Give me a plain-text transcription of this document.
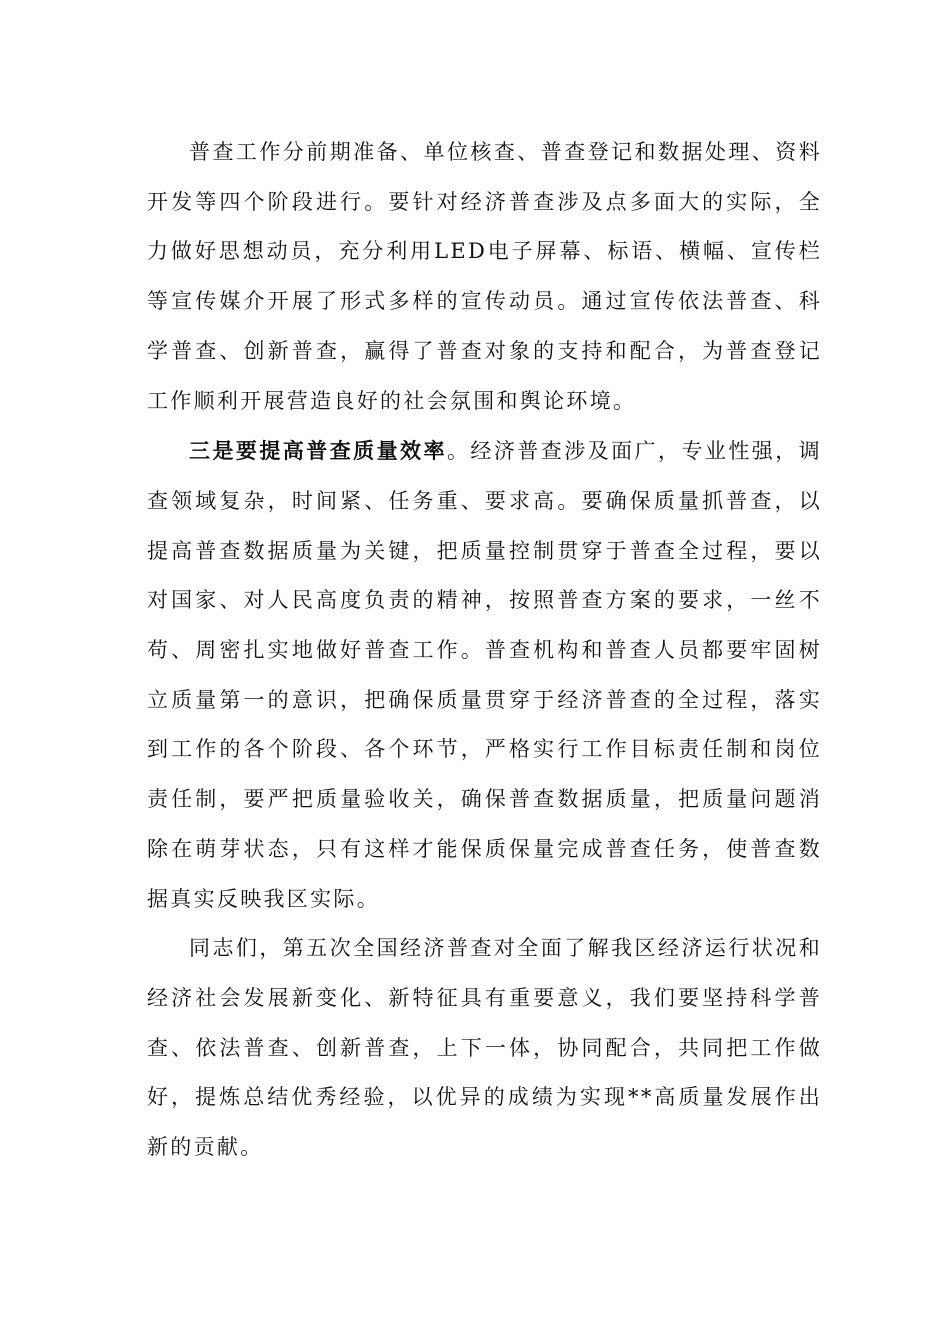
普查工作分前期准备、单位核查、普查登记和数据处理、资料开发等四个阶段进行。要针对经济普查涉及点多面大的实际，全力做好思想动员，充分利用LED电子屏幕、标语、横幅、宣传栏等宣传媒介开展了形式多样的宣传动员。通过宣传依法普查、科学普查、创新普查，赢得了普查对象的支持和配合，为普查登记工作顺利开展营造良好的社会氛围和舆论环境。

三是要提高普查质量效率。经济普查涉及面广，专业性强，调查领域复杂，时间紧、任务重、要求高。要确保质量抓普查，以提高普查数据质量为关键，把质量控制贯穿于普查全过程，要以对国家、对人民高度负责的精神，按照普查方案的要求，一丝不苟、周密扎实地做好普查工作。普查机构和普查人员都要牢固树立质量第一的意识，把确保质量贯穿于经济普查的全过程，落实到工作的各个阶段、各个环节，严格实行工作目标责任制和岗位责任制，要严把质量验收关，确保普查数据质量，把质量问题消除在萌芽状态，只有这样才能保质保量完成普查任务，使普查数据真实反映我区实际。

同志们，第五次全国经济普查对全面了解我区经济运行状况和经济社会发展新变化、新特征具有重要意义，我们要坚持科学普查、依法普查、创新普查，上下一体，协同配合，共同把工作做好，提炼总结优秀经验，以优异的成绩为实现**高质量发展作出新的贡献。
